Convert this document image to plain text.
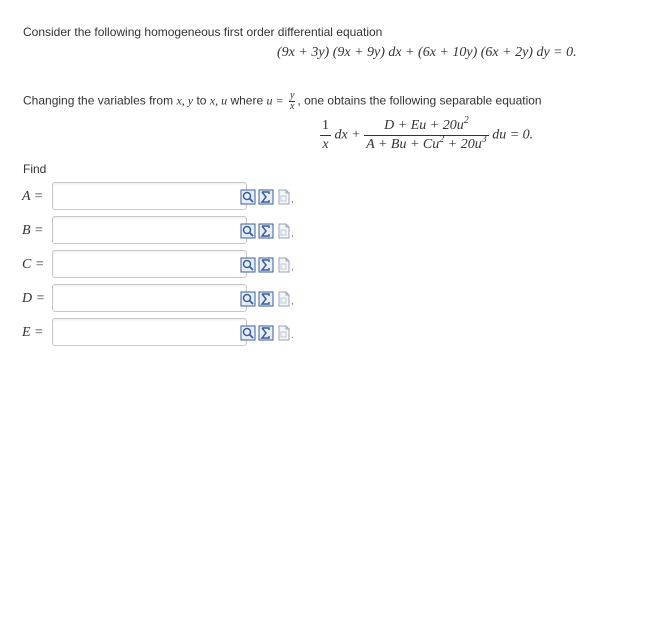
Consider the following homogeneous first order differential equation
(9x + 3y) (9x + 9y) dx + (6x + 10y) (6x + 2y) dy = 0.
Changing the variables from x, y to x, u where $u = \frac{y}{x}$ , one obtains the following separable equation
$\frac{1}{x}$ dx + $\frac{D + Eu + 20u^2}{A + Bu + Cu^2 + 20u^3}$ du = 0.
Find
A =	,
B =	,
C =	,
D =	,
E =	.
